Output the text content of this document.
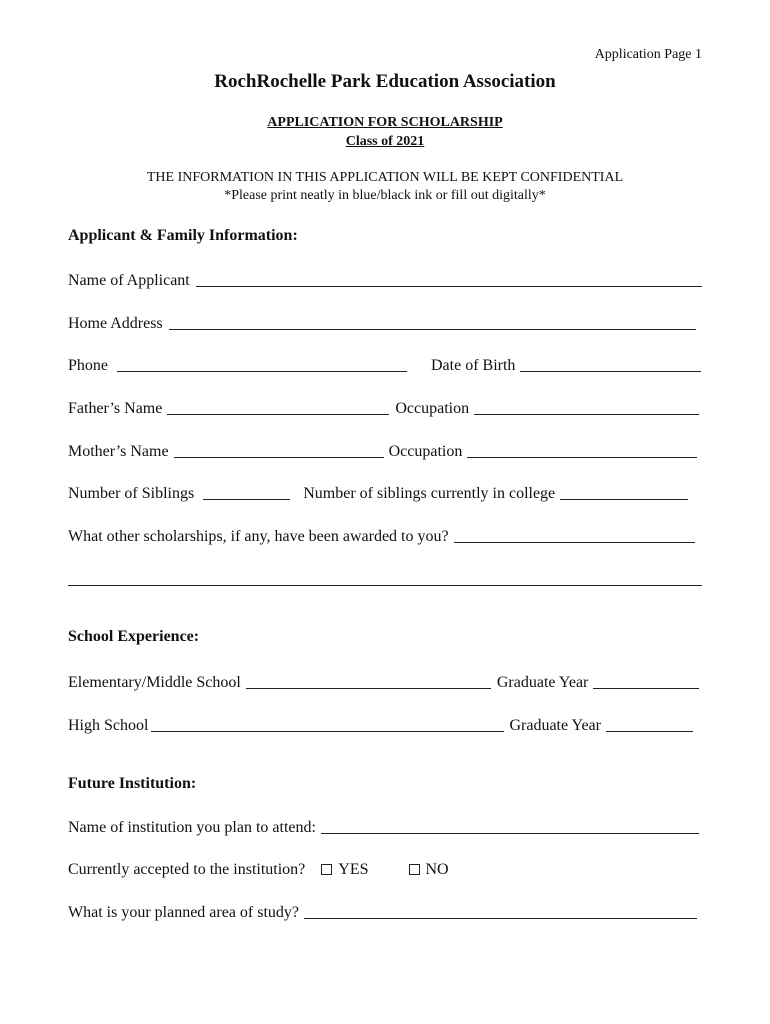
Application Page 1
RochRochelle Park Education Association
APPLICATION FOR SCHOLARSHIP
Class of 2021
THE INFORMATION IN THIS APPLICATION WILL BE KEPT CONFIDENTIAL
*Please print neatly in blue/black ink or fill out digitally*
Applicant & Family Information:
Name of Applicant
Home Address
Phone	Date of Birth
Father’s Name	Occupation
Mother’s Name	Occupation
Number of Siblings	Number of siblings currently in college
What other scholarships, if any, have been awarded to you?
School Experience:
Elementary/Middle School	Graduate Year
High School	Graduate Year
Future Institution:
Name of institution you plan to attend:
Currently accepted to the institution? YES	NO
What is your planned area of study?
